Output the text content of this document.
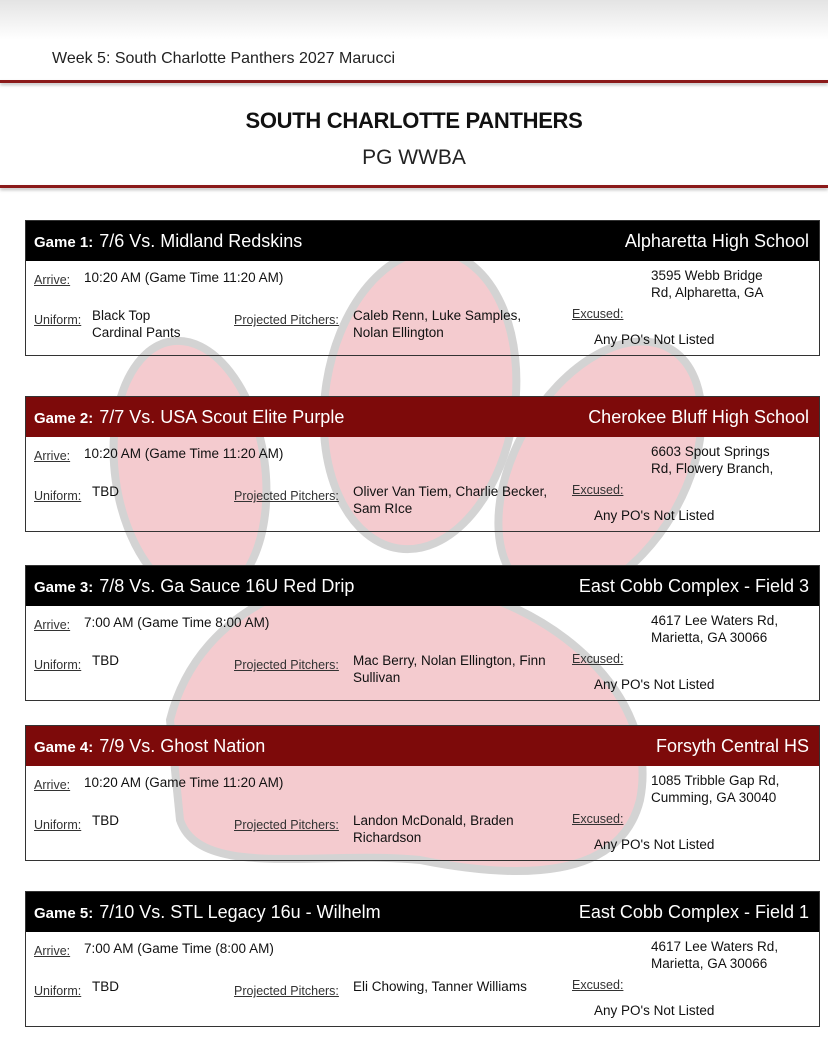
Week 5: South Charlotte Panthers 2027 Marucci
SOUTH CHARLOTTE PANTHERS
PG WWBA
Game 1: 7/6 Vs. Midland Redskins	Alpharetta High School
Arrive: 10:20 AM (Game Time 11:20 AM)	3595 Webb Bridge
Rd, Alpharetta, GA
Uniform: Black Top
Cardinal Pants
Projected Pitchers: Caleb Renn, Luke Samples,
Nolan Ellington
Excused:
Any PO's Not Listed
Game 2: 7/7 Vs. USA Scout Elite Purple	Cherokee Bluff High School
Arrive: 10:20 AM (Game Time 11:20 AM)	6603 Spout Springs
Rd, Flowery Branch,
Uniform: TBD	Projected Pitchers: Oliver Van Tiem, Charlie Becker,
Sam RIce
Excused:
Any PO's Not Listed
Game 3: 7/8 Vs. Ga Sauce 16U Red Drip	East Cobb Complex - Field 3
Arrive: 7:00 AM (Game Time 8:00 AM)	4617 Lee Waters Rd,
Marietta, GA 30066
Uniform: TBD	Projected Pitchers: Mac Berry, Nolan Ellington, Finn
Sullivan
Excused:
Any PO's Not Listed
Game 4: 7/9 Vs. Ghost Nation	Forsyth Central HS
Arrive: 10:20 AM (Game Time 11:20 AM)	1085 Tribble Gap Rd,
Cumming, GA 30040
Uniform: TBD	Projected Pitchers: Landon McDonald, Braden
Richardson
Excused:
Any PO's Not Listed
Game 5: 7/10 Vs. STL Legacy 16u - Wilhelm	East Cobb Complex - Field 1
Arrive: 7:00 AM (Game Time (8:00 AM)	4617 Lee Waters Rd,
Marietta, GA 30066
Uniform: TBD	Projected Pitchers: Eli Chowing, Tanner Williams	Excused:
Any PO's Not Listed
